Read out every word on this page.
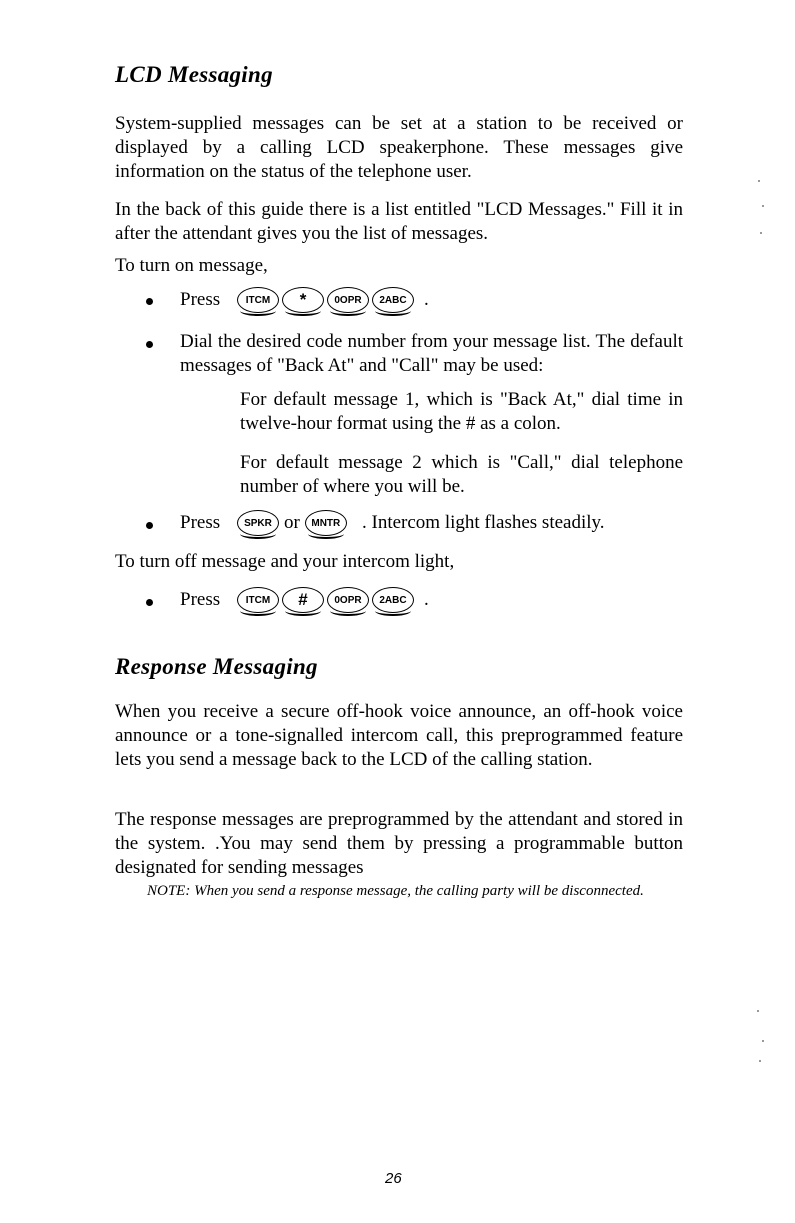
LCD Messaging

System-supplied messages can be set at a station to be received or displayed by a calling LCD speakerphone. These messages give information on the status of the telephone user.

In the back of this guide there is a list entitled "LCD Messages." Fill it in after the attendant gives you the list of messages.

To turn on message,

Press	ITCM	*	0OPR	2ABC .

Dial the desired code number from your message list. The default messages of "Back At" and "Call" may be used:

For default message 1, which is "Back At," dial time in twelve-hour format using the # as a colon.

For default message 2 which is "Call," dial telephone number of where you will be.

Press	SPKR or	MNTR	. Intercom light flashes steadily.

To turn off message and your intercom light,

Press	ITCM	#	0OPR	2ABC .
Response Messaging

When you receive a secure off-hook voice announce, an off-hook voice announce or a tone-signalled intercom call, this preprogrammed feature lets you send a message back to the LCD of the calling station.

The response messages are preprogrammed by the attendant and stored in the system. .You may send them by pressing a programmable button designated for sending messages

NOTE: When you send a response message, the calling party will be disconnected.

26
